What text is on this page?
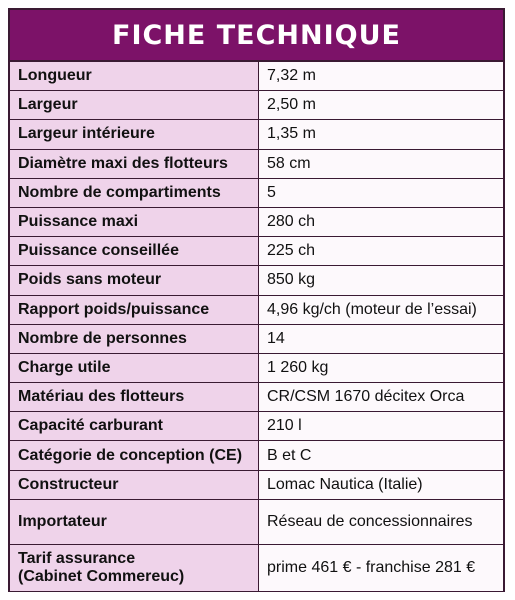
FICHE TECHNIQUE
Longueur	7,32 m
Largeur	2,50 m
Largeur intérieure	1,35 m
Diamètre maxi des flotteurs	58 cm
Nombre de compartiments	5
Puissance maxi	280 ch
Puissance conseillée	225 ch
Poids sans moteur	850 kg
Rapport poids/puissance	4,96 kg/ch (moteur de l’essai)
Nombre de personnes	14
Charge utile	1 260 kg
Matériau des flotteurs	CR/CSM 1670 décitex Orca
Capacité carburant	210 l
Catégorie de conception (CE)	B et C
Constructeur	Lomac Nautica (Italie)
Importateur	Réseau de concessionnaires

Tarif assurance
(Cabinet Commereuc)	prime 461 € - franchise 281 €
